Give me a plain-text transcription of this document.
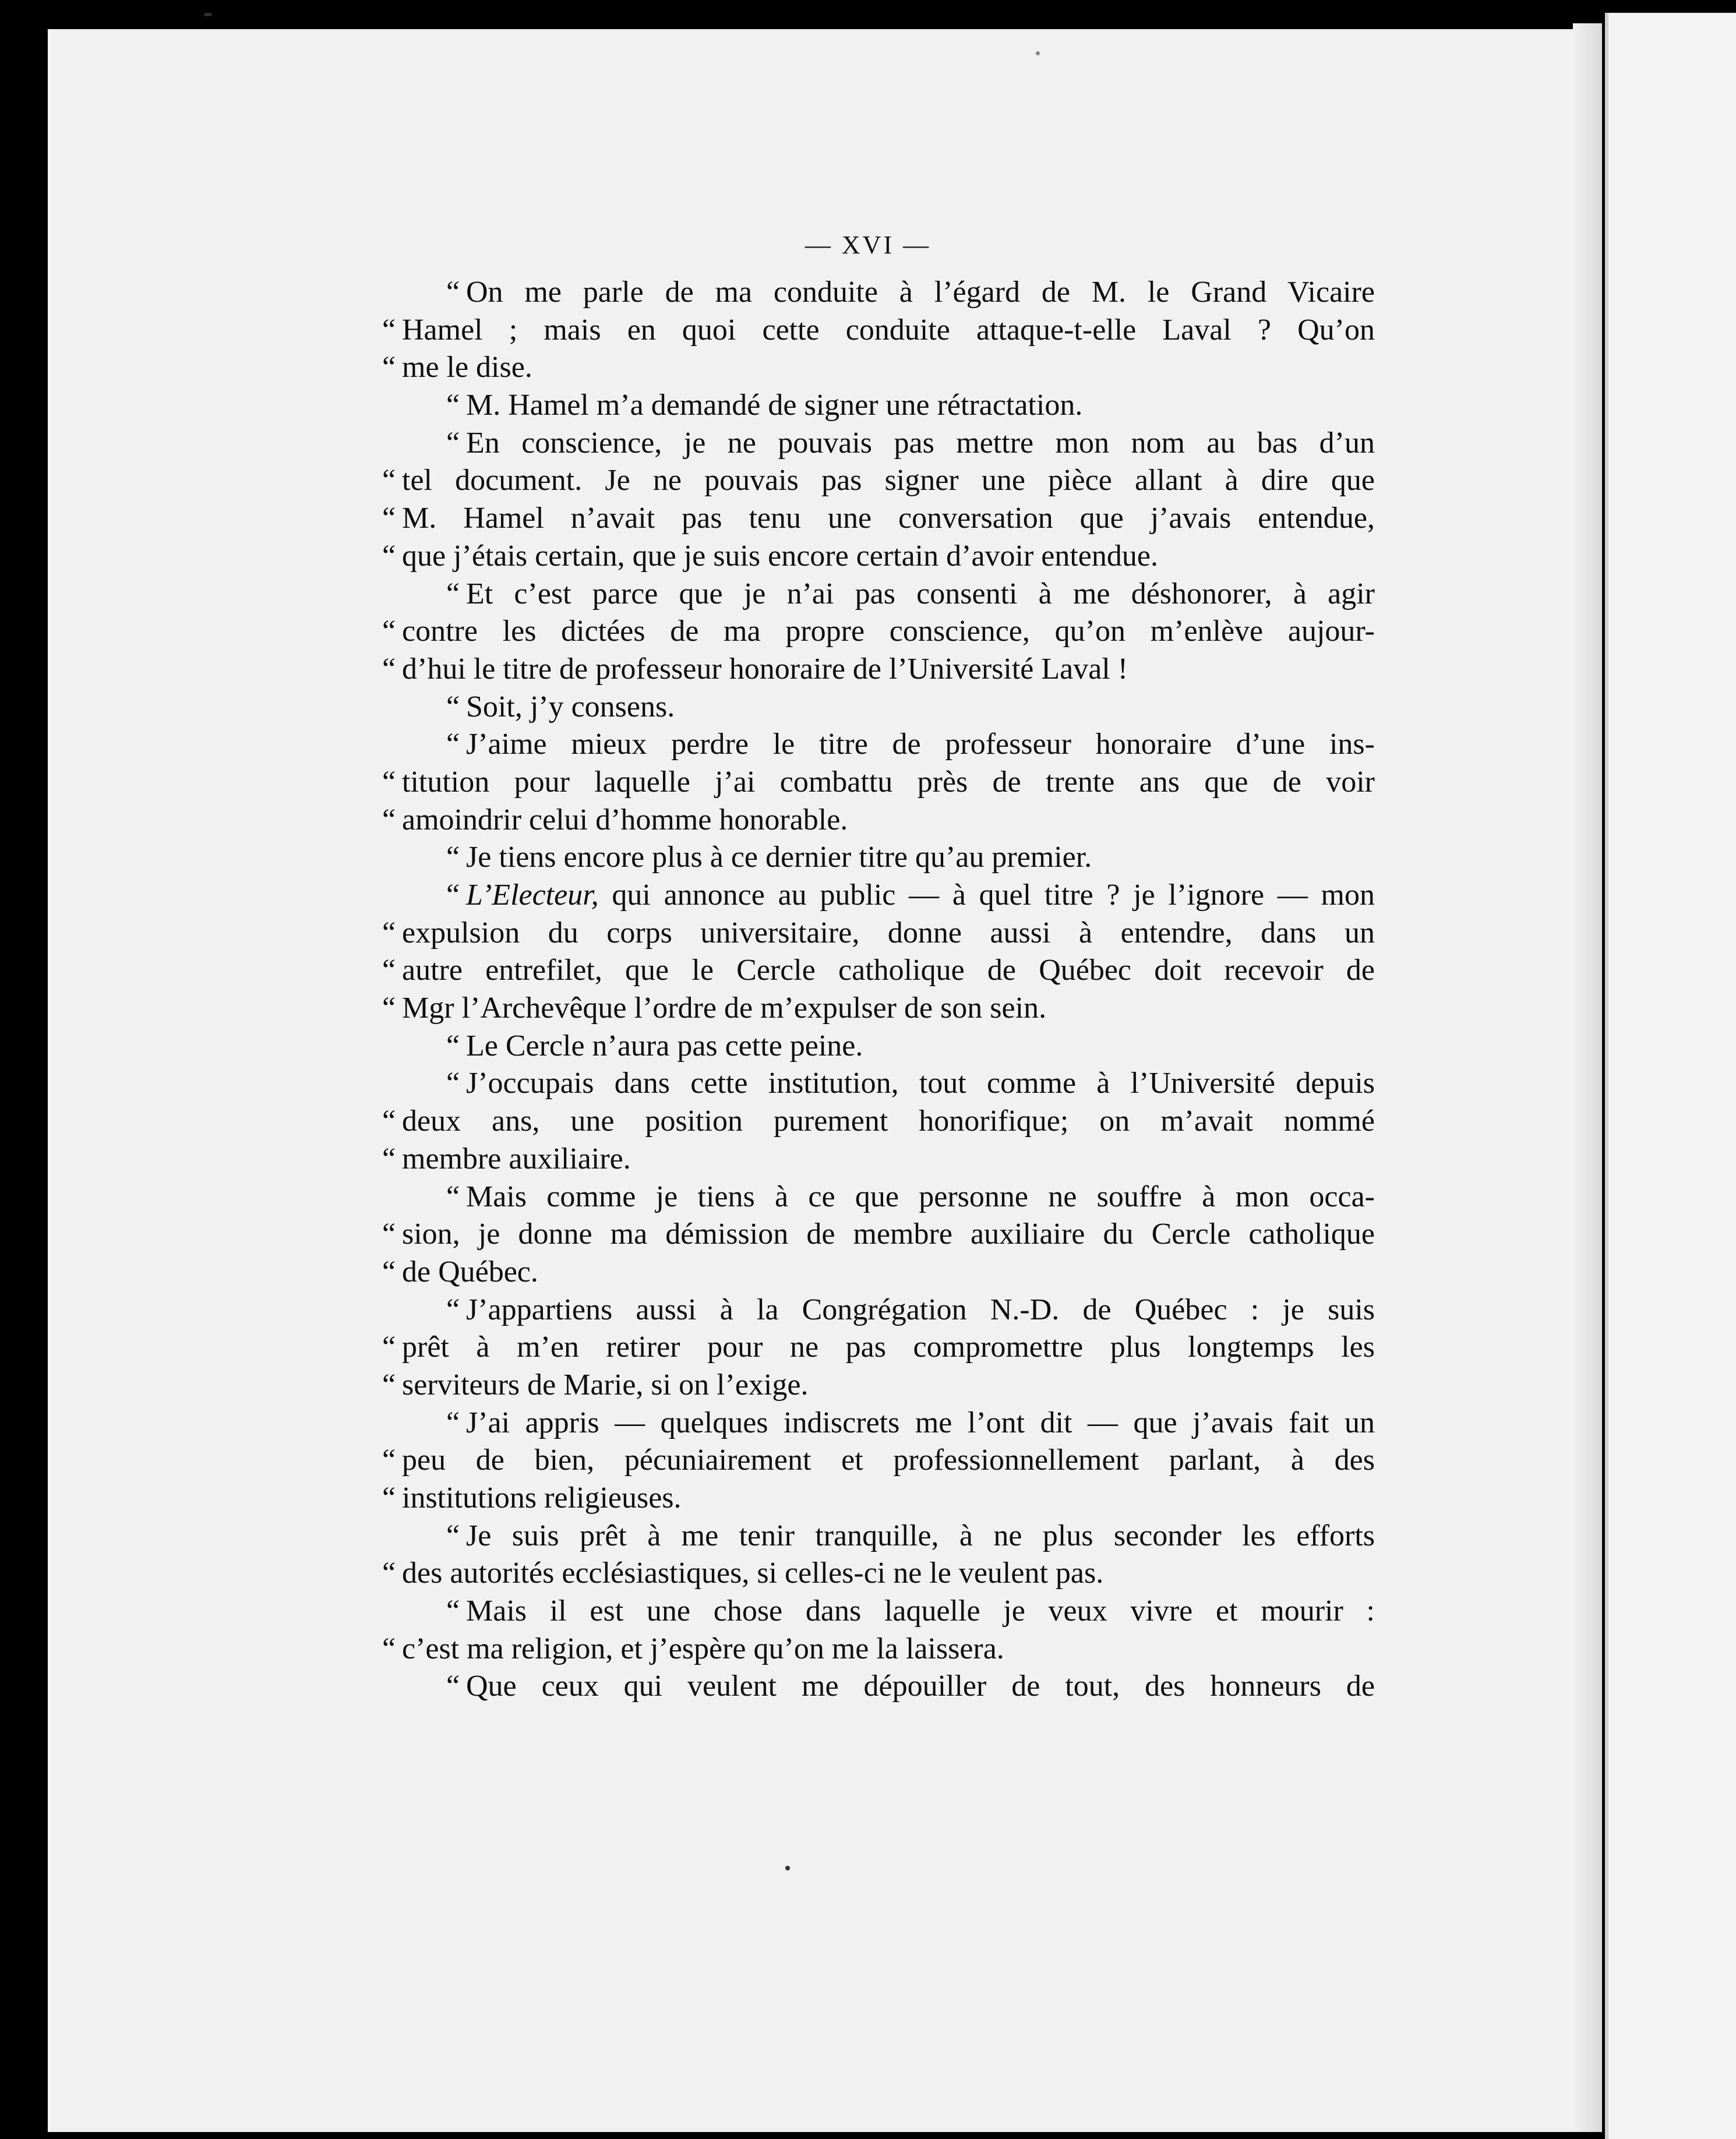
— XVI —
“ On me parle de ma conduite à l’égard de M. le Grand Vicaire
“ Hamel ; mais en quoi cette conduite attaque-t-elle Laval ? Qu’on
“ me le dise.
“ M. Hamel m’a demandé de signer une rétractation.
“ En conscience, je ne pouvais pas mettre mon nom au bas d’un
“ tel document. Je ne pouvais pas signer une pièce allant à dire que
“ M. Hamel n’avait pas tenu une conversation que j’avais entendue,
“ que j’étais certain, que je suis encore certain d’avoir entendue.
“ Et c’est parce que je n’ai pas consenti à me déshonorer, à agir
“ contre les dictées de ma propre conscience, qu’on m’enlève aujour-
“ d’hui le titre de professeur honoraire de l’Université Laval !
“ Soit, j’y consens.
“ J’aime mieux perdre le titre de professeur honoraire d’une ins-
“ titution pour laquelle j’ai combattu près de trente ans que de voir
“ amoindrir celui d’homme honorable.
“ Je tiens encore plus à ce dernier titre qu’au premier.
“ L’Electeur, qui annonce au public — à quel titre ? je l’ignore — mon
“ expulsion du corps universitaire, donne aussi à entendre, dans un
“ autre entrefilet, que le Cercle catholique de Québec doit recevoir de
“ Mgr l’Archevêque l’ordre de m’expulser de son sein.
“ Le Cercle n’aura pas cette peine.
“ J’occupais dans cette institution, tout comme à l’Université depuis
“ deux ans, une position purement honorifique; on m’avait nommé
“ membre auxiliaire.
“ Mais comme je tiens à ce que personne ne souffre à mon occa-
“ sion, je donne ma démission de membre auxiliaire du Cercle catholique
“ de Québec.
“ J’appartiens aussi à la Congrégation N.-D. de Québec : je suis
“ prêt à m’en retirer pour ne pas compromettre plus longtemps les
“ serviteurs de Marie, si on l’exige.
“ J’ai appris — quelques indiscrets me l’ont dit — que j’avais fait un
“ peu de bien, pécuniairement et professionnellement parlant, à des
“ institutions religieuses.
“ Je suis prêt à me tenir tranquille, à ne plus seconder les efforts
“ des autorités ecclésiastiques, si celles-ci ne le veulent pas.
“ Mais il est une chose dans laquelle je veux vivre et mourir :
“ c’est ma religion, et j’espère qu’on me la laissera.
“ Que ceux qui veulent me dépouiller de tout, des honneurs de
